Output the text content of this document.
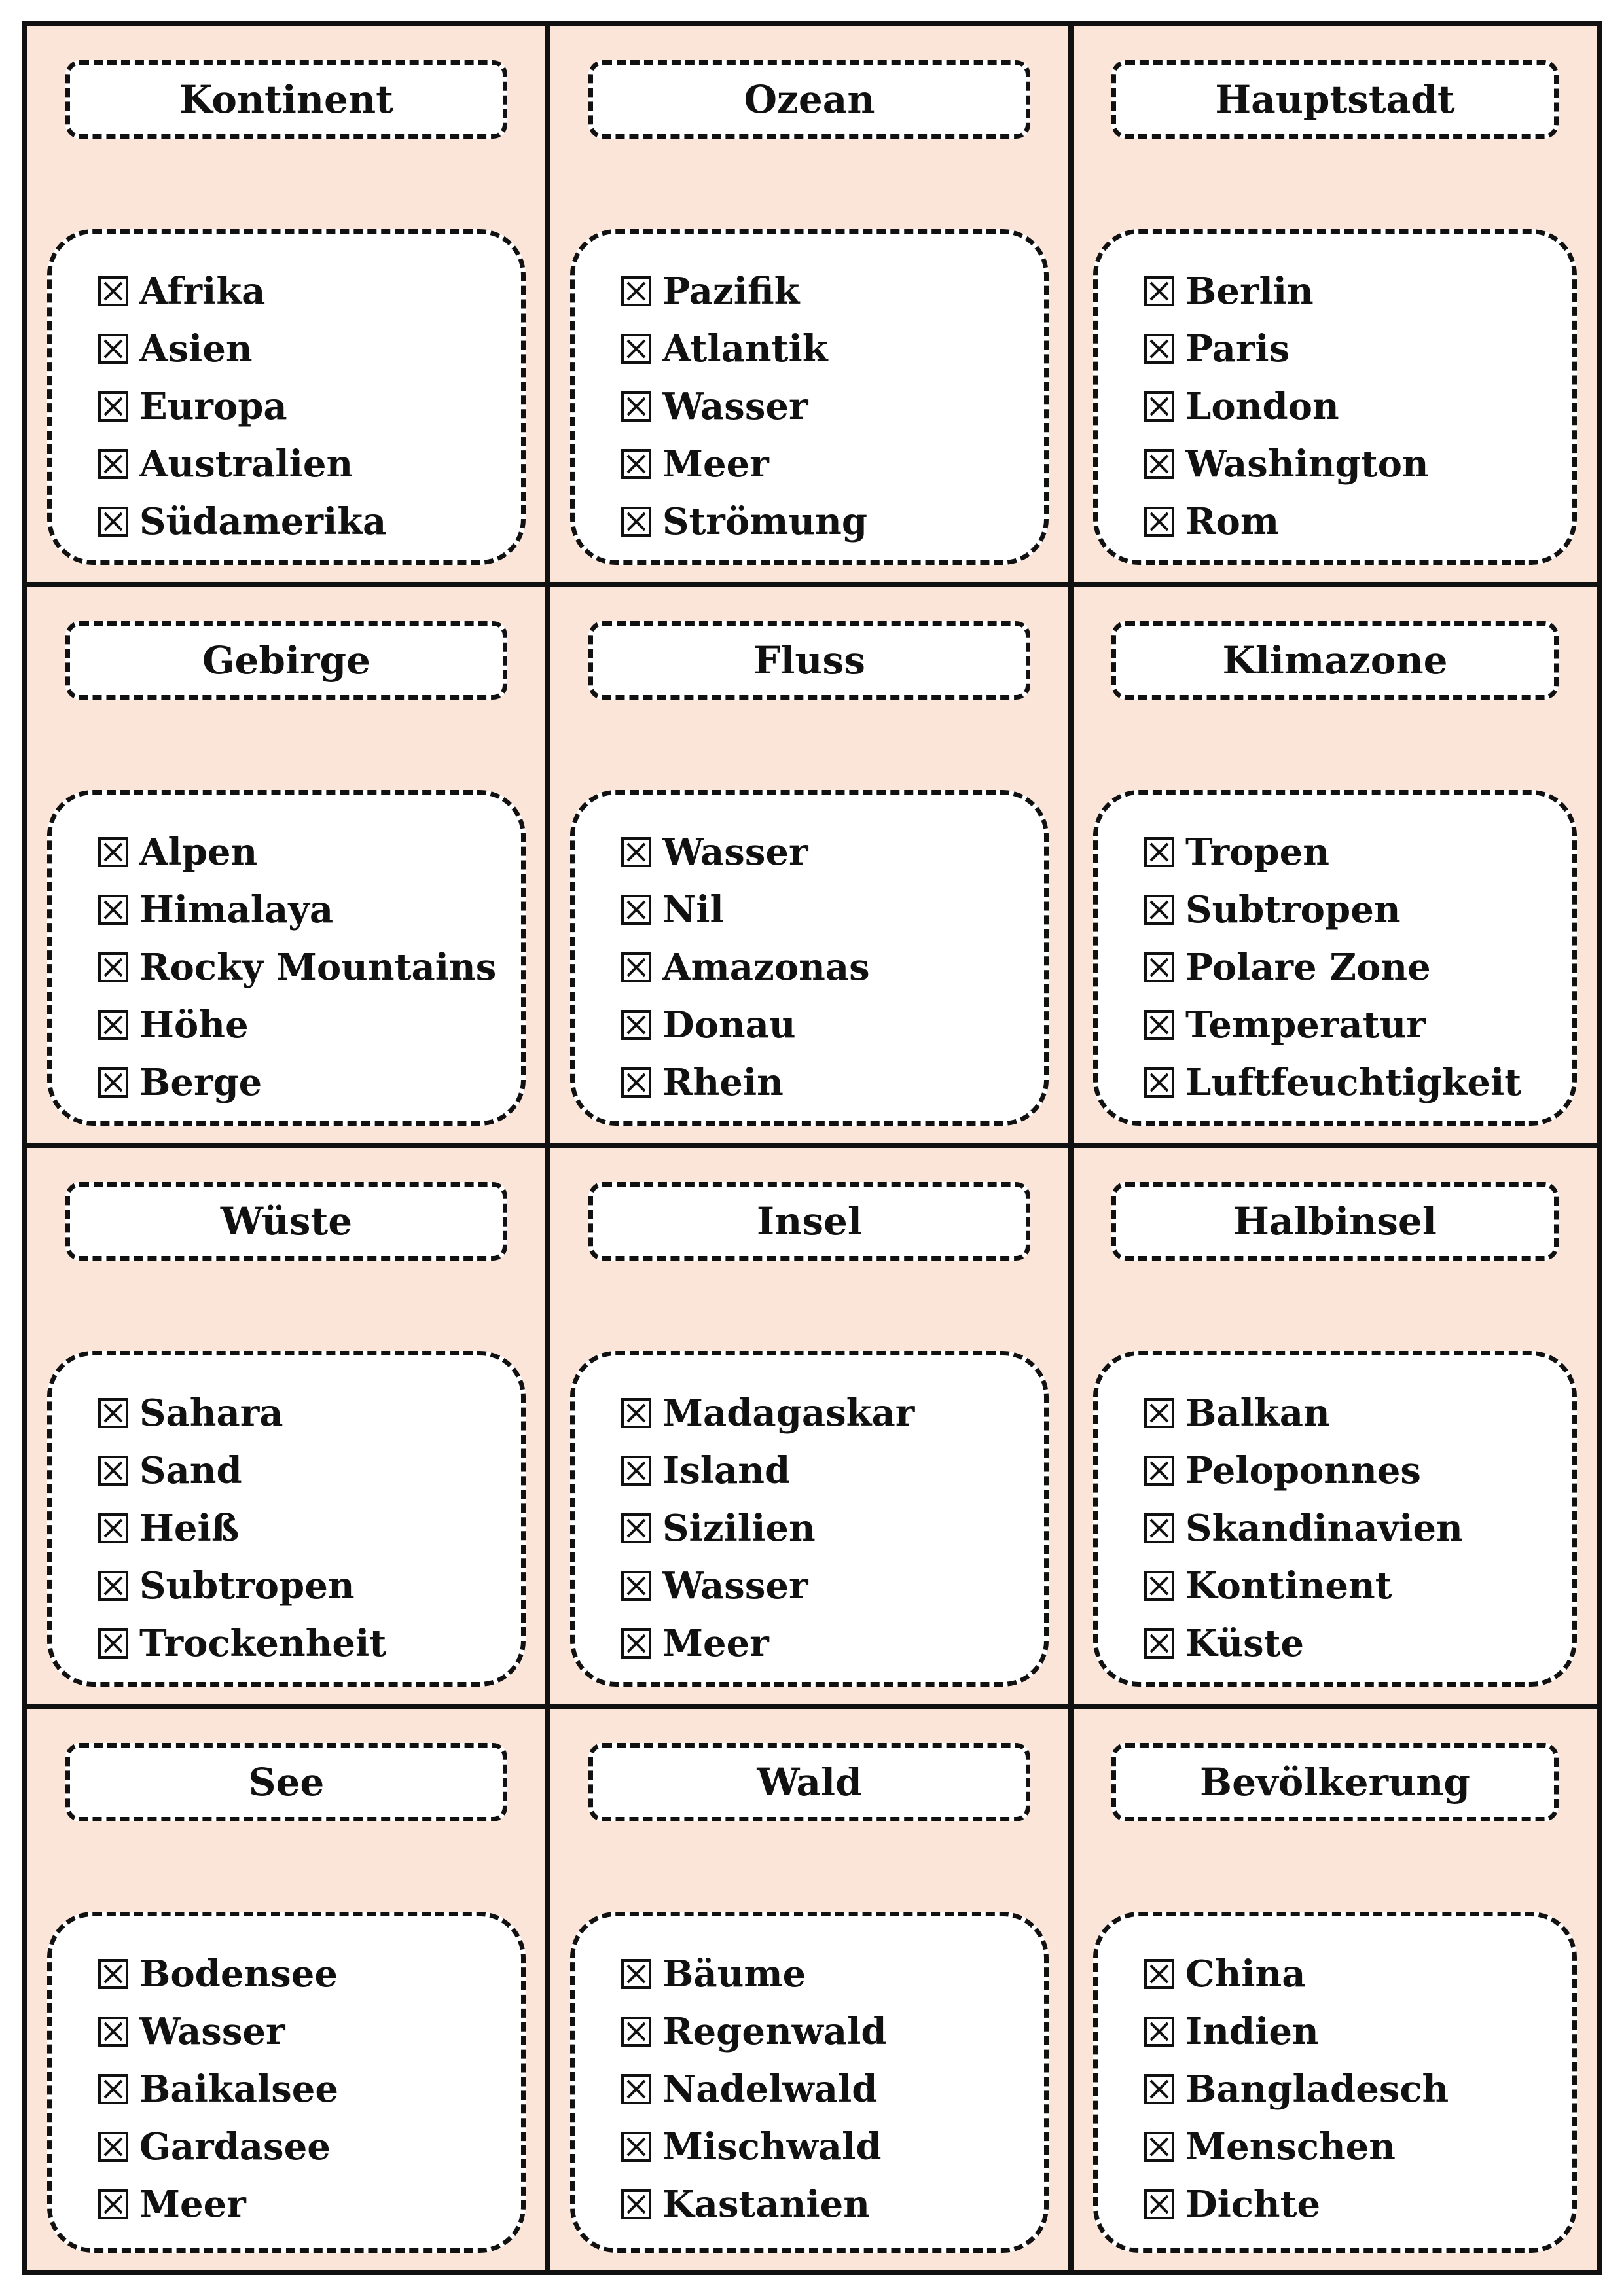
Kontinent
Afrika
Asien
Europa
Australien
Südamerika
Ozean
Pazifik
Atlantik
Wasser
Meer
Strömung
Hauptstadt
Berlin
Paris
London
Washington
Rom
Gebirge
Alpen
Himalaya
Rocky Mountains
Höhe
Berge
Fluss
Wasser
Nil
Amazonas
Donau
Rhein
Klimazone
Tropen
Subtropen
Polare Zone
Temperatur
Luftfeuchtigkeit
Wüste
Sahara
Sand
Heiß
Subtropen
Trockenheit
Insel
Madagaskar
Island
Sizilien
Wasser
Meer
Halbinsel
Balkan
Peloponnes
Skandinavien
Kontinent
Küste
See
Bodensee
Wasser
Baikalsee
Gardasee
Meer
Wald
Bäume
Regenwald
Nadelwald
Mischwald
Kastanien
Bevölkerung
China
Indien
Bangladesch
Menschen
Dichte
